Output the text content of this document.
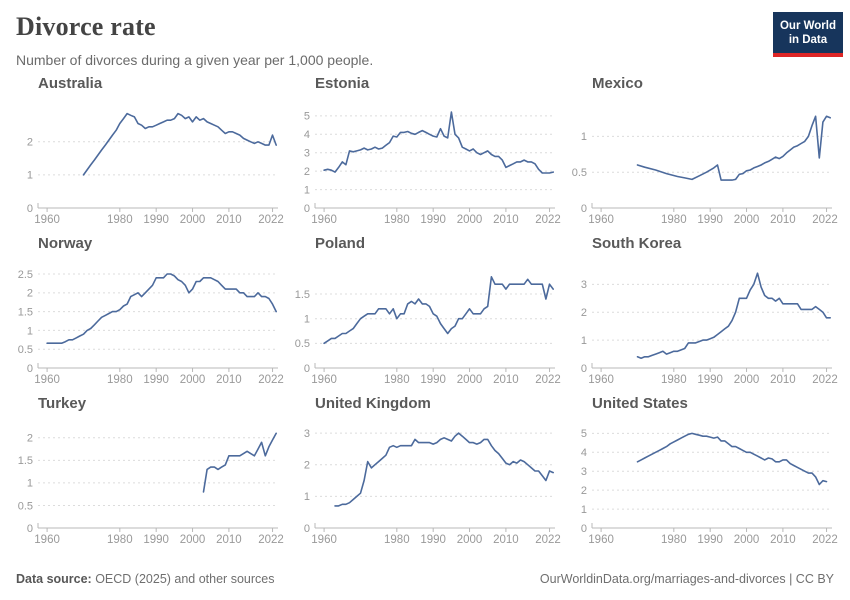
Divorce rate

Number of divorces during a given year per 1,000 people.

Our World
in Data
Australia
0
1
2
1960	1980 1990 2000 2010 2022
Estonia
0
1
2
3
4
5
1960	1980 1990 2000 2010 2022
Mexico
0
0.5
1
1960	1980 1990 2000 2010 2022
Norway
0
0.5
1
1.5
2
2.5
1960	1980 1990 2000 2010 2022
Poland
0
0.5
1
1.5
1960	1980 1990 2000 2010 2022
South Korea
0
1
2
3
1960	1980 1990 2000 2010 2022
Turkey
0
0.5
1
1.5
2
1960	1980 1990 2000 2010 2022
United Kingdom
0
1
2
3
1960	1980 1990 2000 2010 2022
United States
0
1
2
3
4
5
1960	1980 1990 2000 2010 2022
Data source: OECD (2025) and other sources	OurWorldinData.org/marriages-and-divorces | CC BY
